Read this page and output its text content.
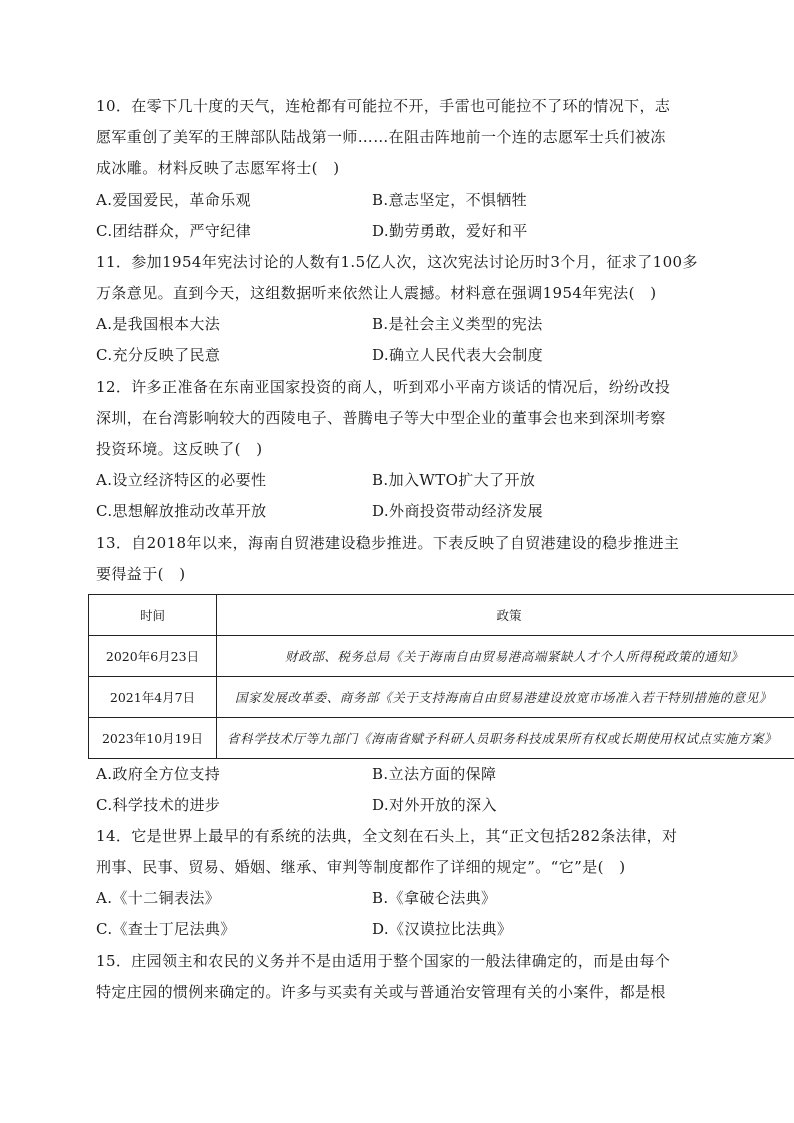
10．在零下几十度的天气，连枪都有可能拉不开，手雷也可能拉不了环的情况下，志
愿军重创了美军的王牌部队陆战第一师……在阻击阵地前一个连的志愿军士兵们被冻
成冰雕。材料反映了志愿军将士(　)
A.爱国爱民，革命乐观	B.意志坚定，不惧牺牲
C.团结群众，严守纪律	D.勤劳勇敢，爱好和平
11．参加1954年宪法讨论的人数有1.5亿人次，这次宪法讨论历时3个月，征求了100多
万条意见。直到今天，这组数据听来依然让人震撼。材料意在强调1954年宪法(　)
A.是我国根本大法	B.是社会主义类型的宪法
C.充分反映了民意	D.确立人民代表大会制度
12．许多正准备在东南亚国家投资的商人，听到邓小平南方谈话的情况后，纷纷改投
深圳，在台湾影响较大的西陵电子、普腾电子等大中型企业的董事会也来到深圳考察
投资环境。这反映了(　)
A.设立经济特区的必要性	B.加入WTO扩大了开放
C.思想解放推动改革开放	D.外商投资带动经济发展
13．自2018年以来，海南自贸港建设稳步推进。下表反映了自贸港建设的稳步推进主
要得益于(　)
时间	政策
2020年6月23日	财政部、税务总局《关于海南自由贸易港高端紧缺人才个人所得税政策的通知》
2021年4月7日	国家发展改革委、商务部《关于支持海南自由贸易港建设放宽市场准入若干特别措施的意见》
2023年10月19日	省科学技术厅等九部门《海南省赋予科研人员职务科技成果所有权或长期使用权试点实施方案》
A.政府全方位支持	B.立法方面的保障
C.科学技术的进步	D.对外开放的深入
14．它是世界上最早的有系统的法典，全文刻在石头上，其“正文包括282条法律，对
刑事、民事、贸易、婚姻、继承、审判等制度都作了详细的规定”。“它”是(　)
A.《十二铜表法》	B.《拿破仑法典》
C.《查士丁尼法典》	D.《汉谟拉比法典》
15．庄园领主和农民的义务并不是由适用于整个国家的一般法律确定的，而是由每个
特定庄园的惯例来确定的。许多与买卖有关或与普通治安管理有关的小案件，都是根
